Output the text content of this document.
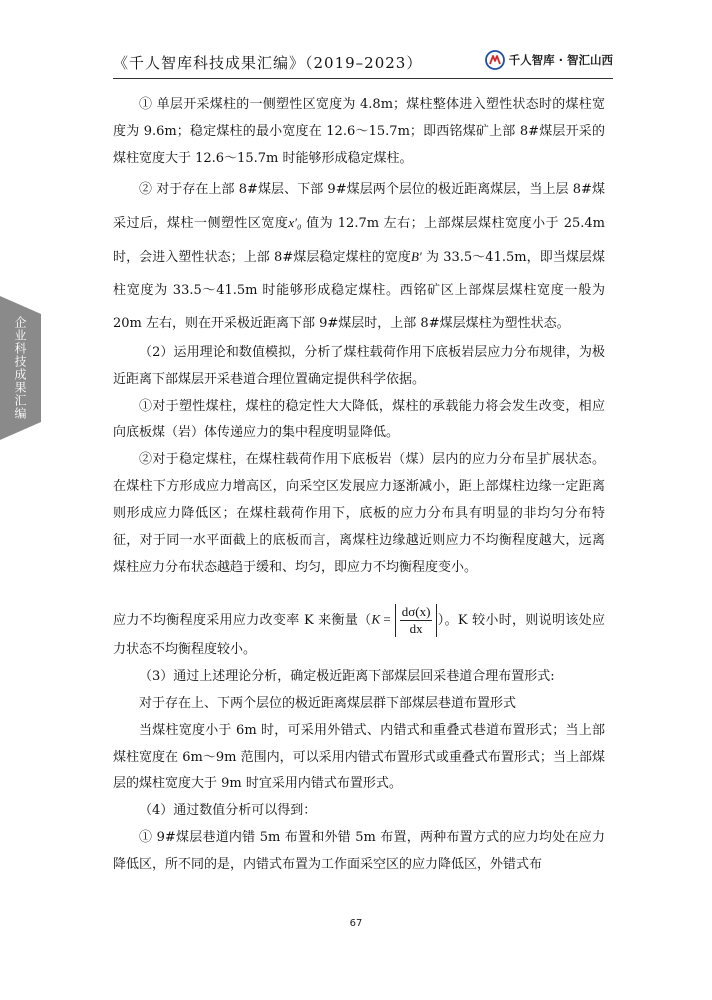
《千人智库科技成果汇编》（2019–2023）	千人智库 · 智汇山西
企业科技成果汇编

① 单层开采煤柱的一侧塑性区宽度为 4.8m；煤柱整体进入塑性状态时的煤柱宽度为 9.6m；稳定煤柱的最小宽度在 12.6～15.7m；即西铭煤矿上部 8#煤层开采的煤柱宽度大于 12.6～15.7m 时能够形成稳定煤柱。

② 对于存在上部 8#煤层、下部 9#煤层两个层位的极近距离煤层，当上层 8#煤采过后，煤柱一侧塑性区宽度x′₀ 值为 12.7m 左右；上部煤层煤柱宽度小于 25.4m 时，会进入塑性状态；上部 8#煤层稳定煤柱的宽度B′ 为 33.5～41.5m，即当煤层煤柱宽度为 33.5～41.5m 时能够形成稳定煤柱。西铭矿区上部煤层煤柱宽度一般为 20m 左右，则在开采极近距离下部 9#煤层时，上部 8#煤层煤柱为塑性状态。

（2）运用理论和数值模拟，分析了煤柱载荷作用下底板岩层应力分布规律，为极近距离下部煤层开采巷道合理位置确定提供科学依据。

①对于塑性煤柱，煤柱的稳定性大大降低，煤柱的承载能力将会发生改变，相应向底板煤（岩）体传递应力的集中程度明显降低。

②对于稳定煤柱，在煤柱载荷作用下底板岩（煤）层内的应力分布呈扩展状态。在煤柱下方形成应力增高区，向采空区发展应力逐渐减小，距上部煤柱边缘一定距离则形成应力降低区；在煤柱载荷作用下，底板的应力分布具有明显的非均匀分布特征，对于同一水平面截上的底板而言，离煤柱边缘越近则应力不均衡程度越大，远离煤柱应力分布状态越趋于缓和、均匀，即应力不均衡程度变小。

应力不均衡程度采用应力改变率 K 来衡量（$K = \frac{d\sigma(x)}{dx}$ ）。K 较小时，则说明该处应力状态不均衡程度较小。

（3）通过上述理论分析，确定极近距离下部煤层回采巷道合理布置形式:

对于存在上、下两个层位的极近距离煤层群下部煤层巷道布置形式

当煤柱宽度小于 6m 时，可采用外错式、内错式和重叠式巷道布置形式；当上部煤柱宽度在 6m～9m 范围内，可以采用内错式布置形式或重叠式布置形式；当上部煤层的煤柱宽度大于 9m 时宜采用内错式布置形式。

（4）通过数值分析可以得到：

① 9#煤层巷道内错 5m 布置和外错 5m 布置，两种布置方式的应力均处在应力降低区，所不同的是，内错式布置为工作面采空区的应力降低区，外错式布

67
